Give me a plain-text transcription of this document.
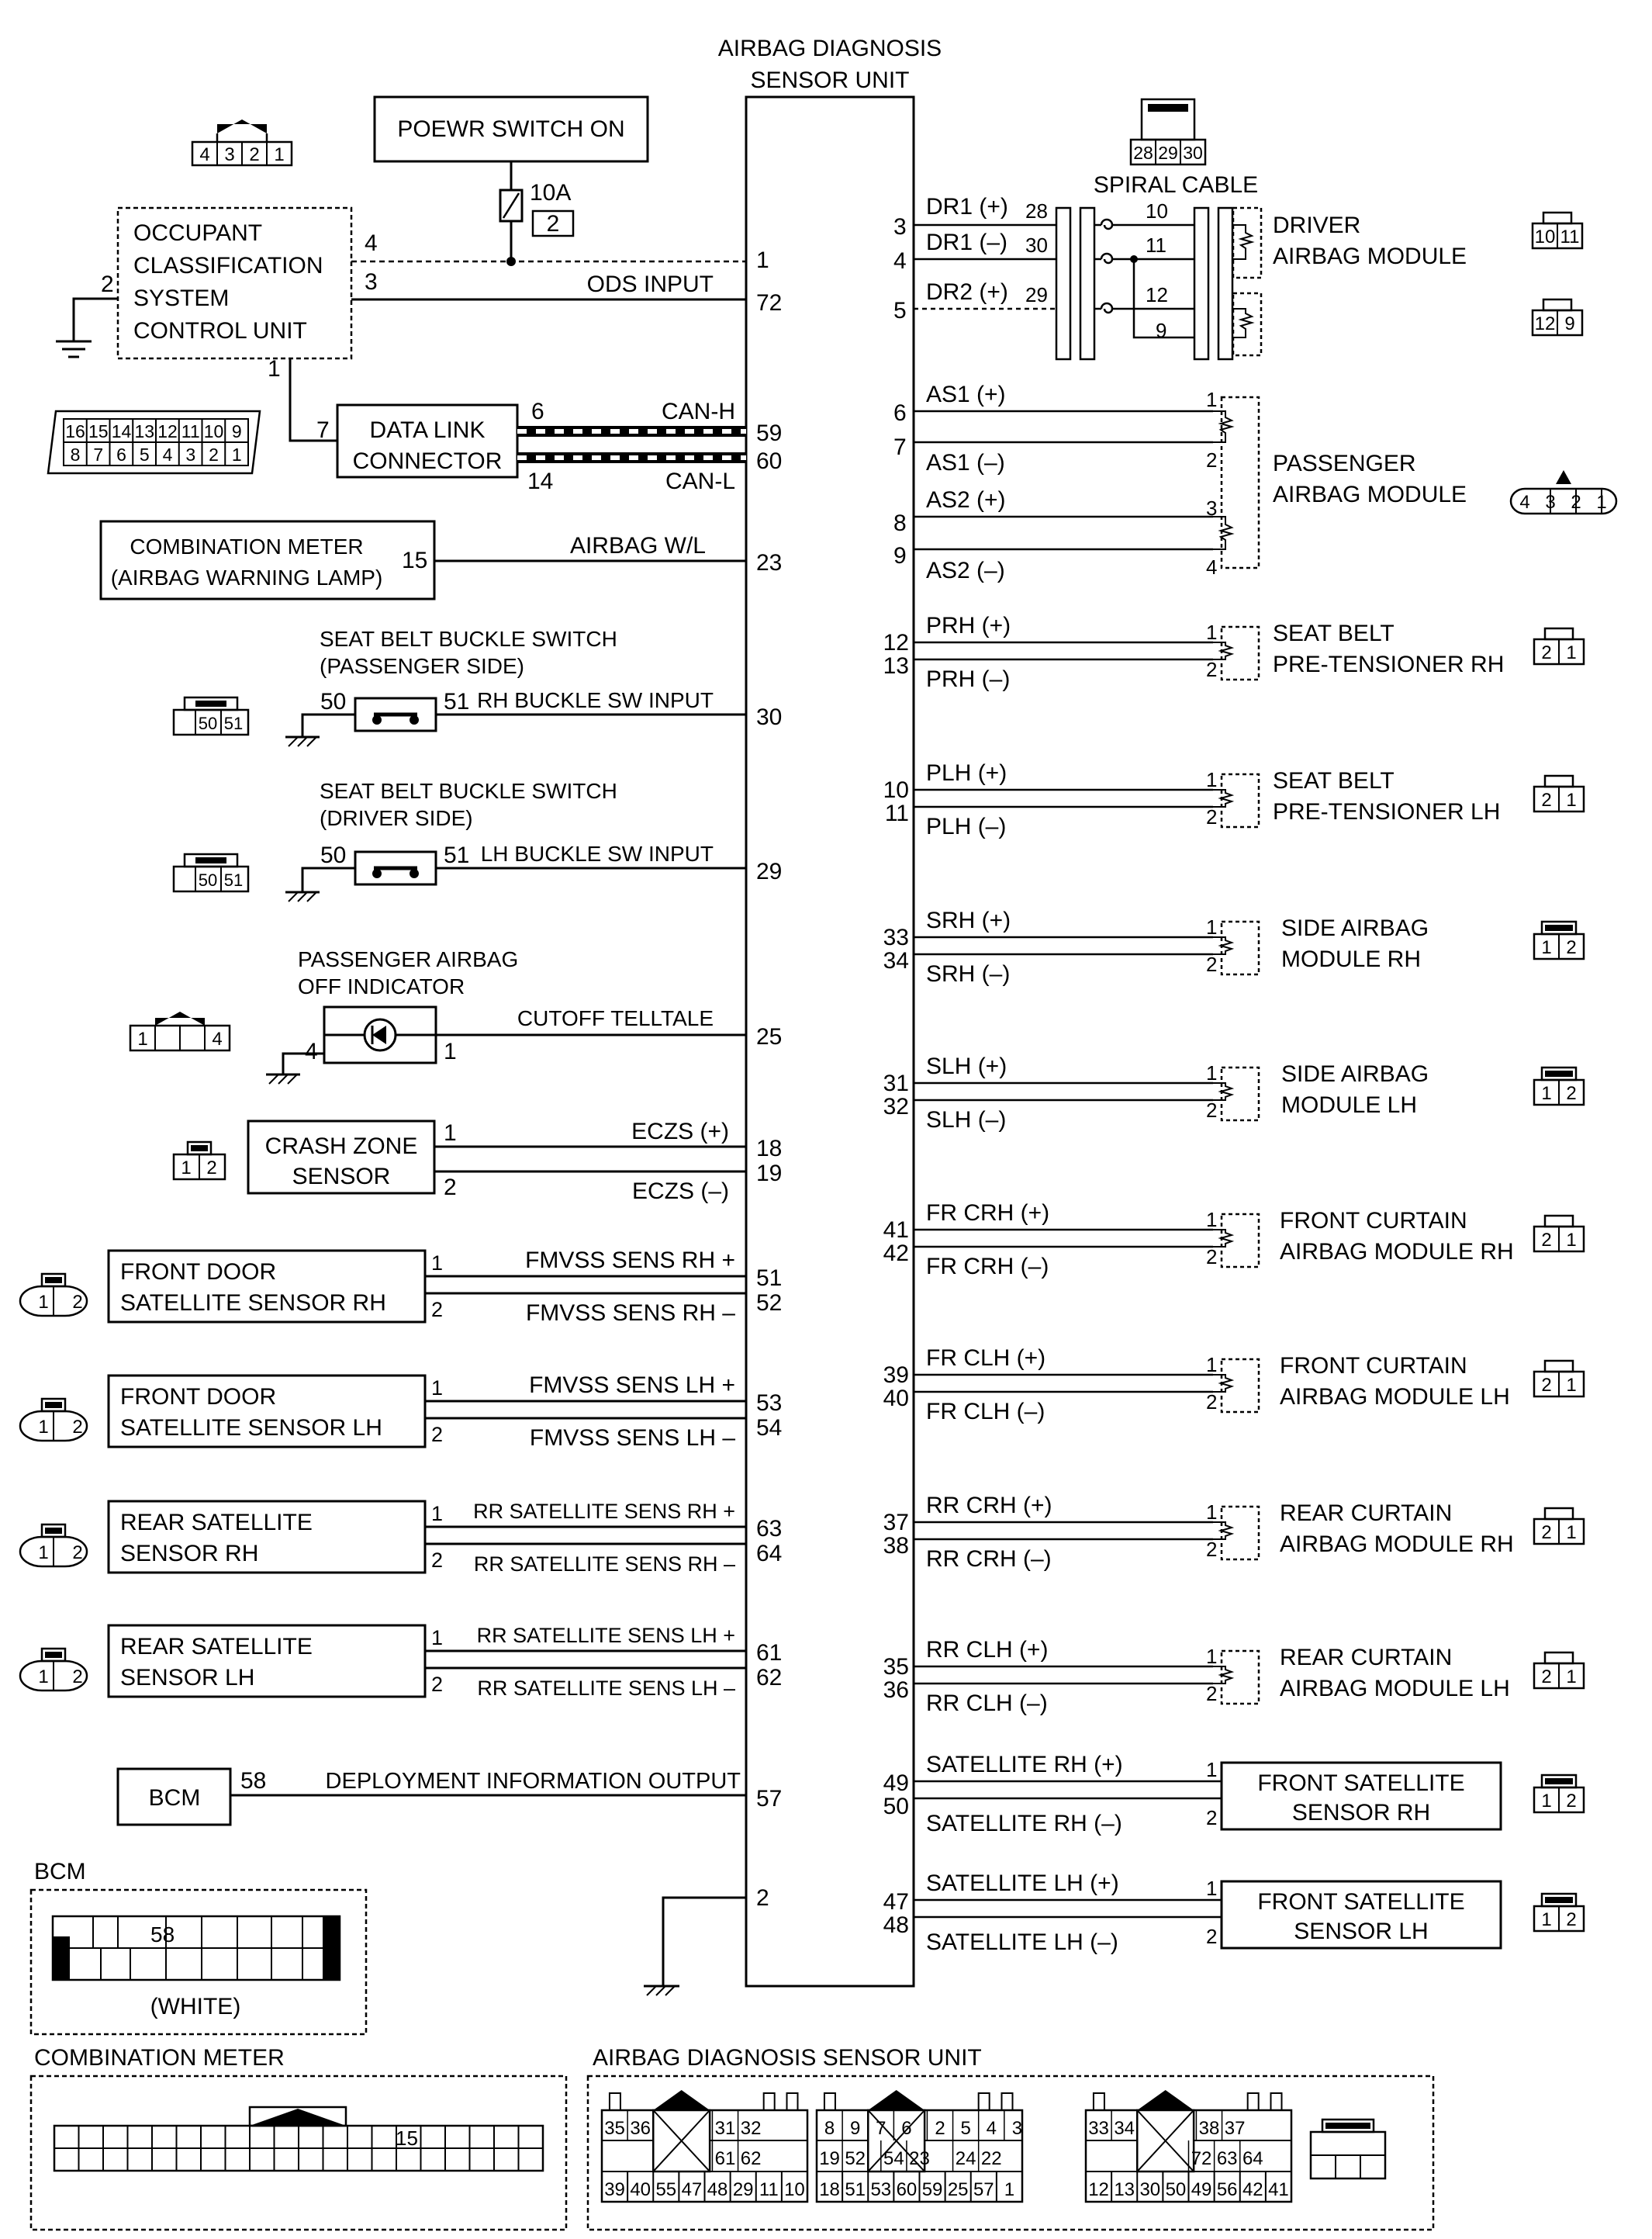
AIRBAG DIAGNOSIS
SENSOR UNIT
POEWR SWITCH ON
10A
2
OCCUPANT
CLASSIFICATION
SYSTEM
CONTROL UNIT
4
3
2
1
ODS INPUT
1
72
DATA LINK
CONNECTOR
7
6
14
CAN-H
CAN-L
59
60
4 3 2 1
16
8
15
7
14
6
13
5
12
4
11
3
10
2
9
1
COMBINATION METER
(AIRBAG WARNING LAMP)
15
AIRBAG W/L
23
SEAT BELT BUCKLE SWITCH
(PASSENGER SIDE)
50	51 RH BUCKLE SW INPUT
30
SEAT BELT BUCKLE SWITCH
(DRIVER SIDE)
50	51 LH BUCKLE SW INPUT
29
50 51
50 51
PASSENGER AIRBAG
OFF INDICATOR
4	1
CUTOFF TELLTALE
25
1	4
CRASH ZONE
SENSOR
1
2
ECZS (+)
ECZS (–)
18
19
1 2
FRONT DOOR
SATELLITE SENSOR RH
1
2
FMVSS SENS RH +
FMVSS SENS RH –
51
52
1 2
FRONT DOOR
SATELLITE SENSOR LH
1
2
FMVSS SENS LH +
FMVSS SENS LH –
53
54
1 2
REAR SATELLITE
SENSOR RH
1
2
RR SATELLITE SENS RH +
RR SATELLITE SENS RH –
63
64
1 2
REAR SATELLITE
SENSOR LH
1
2
RR SATELLITE SENS LH +
RR SATELLITE SENS LH –
61
62
1 2
BCM
58	DEPLOYMENT INFORMATION OUTPUT
57
2
28 29 30
SPIRAL CABLE
DR1 (+)
DR1 (–)
DR2 (+)
28
30
29
3
4
5
10
11
12
9
DRIVER
AIRBAG MODULE
AS1 (+)
AS1 (–)
AS2 (+)
AS2 (–)
6
7
8
9
1
2
3
4
PASSENGER
AIRBAG MODULE
10 11
12 9
4 3 2 1
PRH (+)
PRH (–)
12
13
1
2
SEAT BELT
PRE-TENSIONER RH 2 1
PLH (+)
PLH (–)
10
11
1
2
SEAT BELT
PRE-TENSIONER LH 2 1
SRH (+)
SRH (–)
33
34
1
2
SIDE AIRBAG
MODULE RH	1 2
SLH (+)
SLH (–)
31
32
1
2
SIDE AIRBAG
MODULE LH	1 2
FR CRH (+)
FR CRH (–)
41
42
1
2
FRONT CURTAIN
AIRBAG MODULE RH 2 1
FR CLH (+)
FR CLH (–)
39
40
1
2
FRONT CURTAIN
AIRBAG MODULE LH 2 1
RR CRH (+)
RR CRH (–)
37
38
1
2
REAR CURTAIN
AIRBAG MODULE RH 2 1
RR CLH (+)
RR CLH (–)
35
36
1
2
REAR CURTAIN
AIRBAG MODULE LH 2 1
SATELLITE RH (+)
SATELLITE RH (–)
49
50
1
2
FRONT SATELLITE
SENSOR RH	1 2
SATELLITE LH (+)
SATELLITE LH (–)
47
48
1
2
FRONT SATELLITE
SENSOR LH	1 2
BCM
58
(WHITE)
COMBINATION METER
15
AIRBAG DIAGNOSIS SENSOR UNIT
35 36	31 32
61 62
39 40 55 47 48 29 11 10
8 9 7 6 2 5 4 3
19 52 54 23 24 22
18 51 53 60 59 25 57 1
33 34	38 37
72 63 64
12 13 30 50 49 56 42 41
